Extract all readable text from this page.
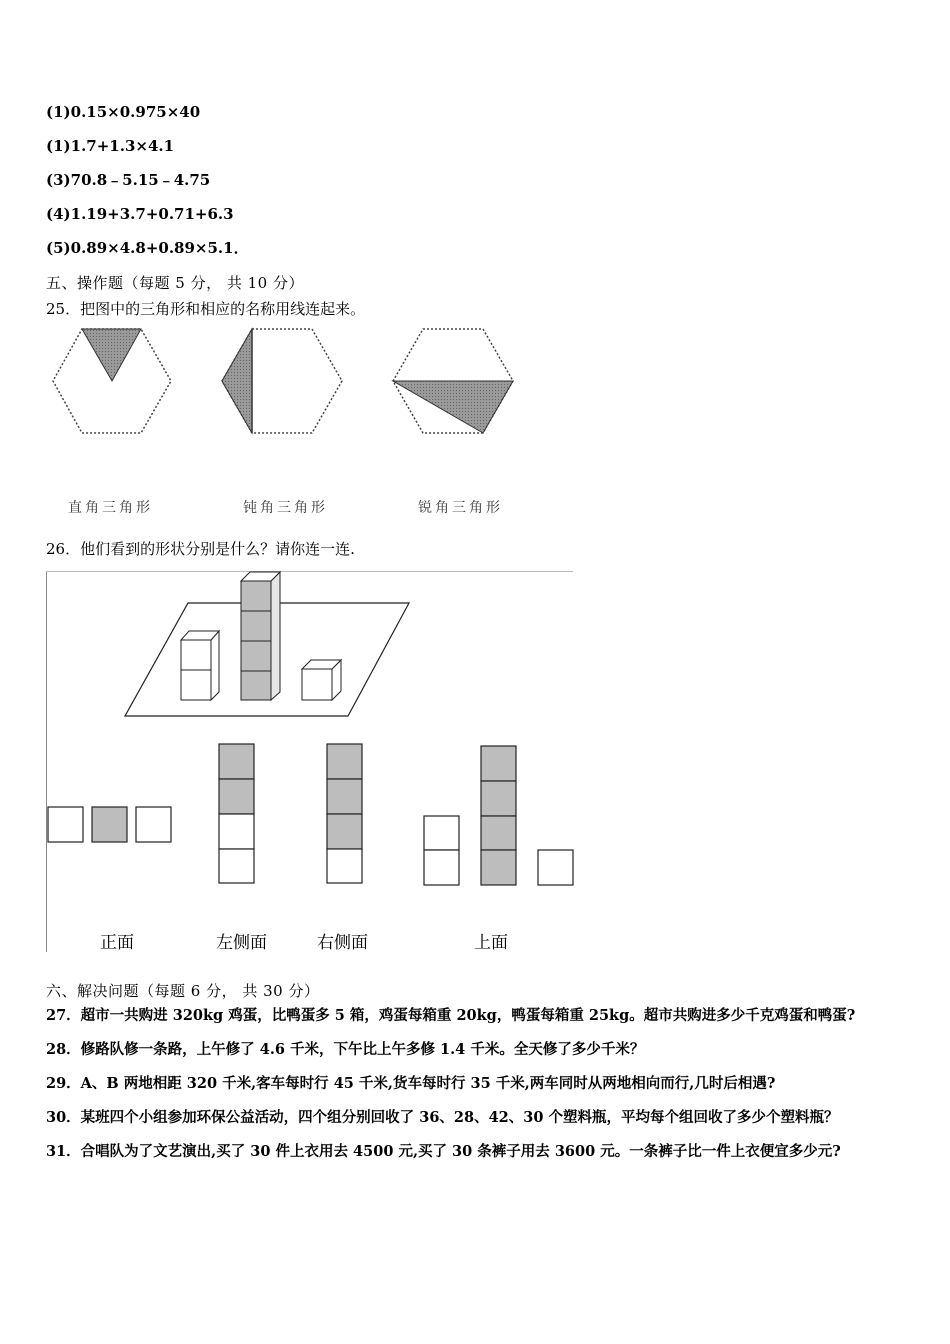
(1)0.15×0.975×40
(1)1.7+1.3×4.1
(3)70.8﹣5.15﹣4.75
(4)1.19+3.7+0.71+6.3
(5)0.89×4.8+0.89×5.1．
五、操作题（每题 5 分， 共 10 分）
25．把图中的三角形和相应的名称用线连起来。
直角三角形	钝角三角形	锐角三角形
26．他们看到的形状分别是什么？请你连一连.
正面	左侧面	右侧面	上面
六、解决问题（每题 6 分， 共 30 分）
27．超市一共购进 320kg 鸡蛋，比鸭蛋多 5 箱，鸡蛋每箱重 20kg，鸭蛋每箱重 25kg。超市共购进多少千克鸡蛋和鸭蛋?
28．修路队修一条路，上午修了 4.6 千米，下午比上午多修 1.4 千米。全天修了多少千米？
29．A、B 两地相距 320 千米,客车每时行 45 千米,货车每时行 35 千米,两车同时从两地相向而行,几时后相遇?
30．某班四个小组参加环保公益活动，四个组分别回收了 36、28、42、30 个塑料瓶，平均每个组回收了多少个塑料瓶？
31．合唱队为了文艺演出,买了 30 件上衣用去 4500 元,买了 30 条裤子用去 3600 元。一条裤子比一件上衣便宜多少元?
